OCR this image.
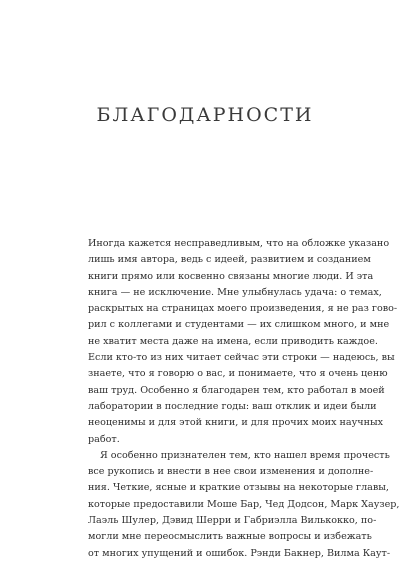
БЛАГОДАРНОСТИ

Иногда кажется несправедливым, что на обложке указано
лишь имя автора, ведь с идеей, развитием и созданием
книги прямо или косвенно связаны многие люди. И эта
книга — не исключение. Мне улыбнулась удача: о темах,
раскрытых на страницах моего произведения, я не раз гово-
рил с коллегами и студентами — их слишком много, и мне
не хватит места даже на имена, если приводить каждое.
Если кто-то из них читает сейчас эти строки — надеюсь, вы
знаете, что я говорю о вас, и понимаете, что я очень ценю
ваш труд. Особенно я благодарен тем, кто работал в моей
лаборатории в последние годы: ваш отклик и идеи были
неоценимы и для этой книги, и для прочих моих научных
работ.

Я особенно признателен тем, кто нашел время прочесть
все рукопись и внести в нее свои изменения и дополне-
ния. Четкие, ясные и краткие отзывы на некоторые главы,
которые предоставили Моше Бар, Чед Додсон, Марк Хаузер,
Лаэль Шулер, Дэвид Шерри и Габриэлла Вилькокко, по-
могли мне переосмыслить важные вопросы и избежать
от многих упущений и ошибок. Рэнди Бакнер, Вилма Каут-
